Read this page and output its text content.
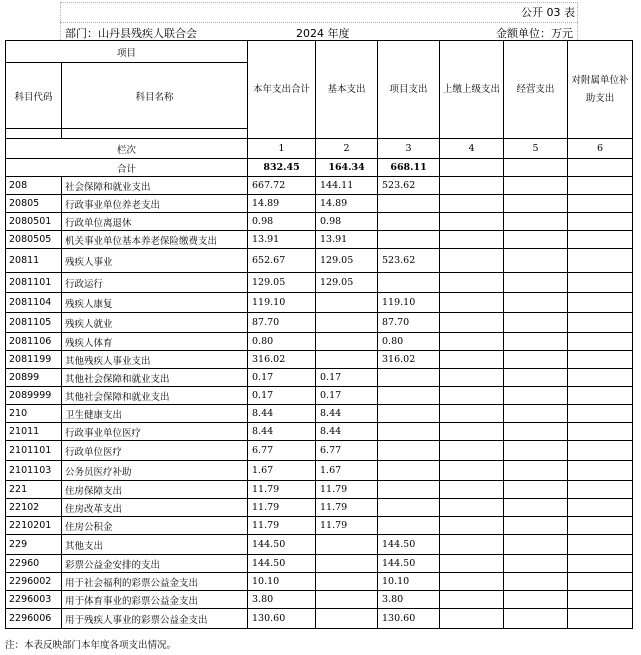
公开 03 表
部门：山丹县残疾人联合会	2024 年度	金额单位：万元
项目		本年支出合计	基本支出	项目支出	上缴上级支出	经营支出	对附属单位补助支出
科目代码	科目名称						

栏次		1	2	3	4	5	6
合计		832.45	164.34	668.11			
208	社会保障和就业支出	667.72	144.11	523.62			
20805	行政事业单位养老支出	14.89	14.89				
2080501	行政单位离退休	0.98	0.98				
2080505	机关事业单位基本养老保险缴费支出	13.91	13.91				
20811	残疾人事业	652.67	129.05	523.62			
2081101	行政运行	129.05	129.05				
2081104	残疾人康复	119.10		119.10			
2081105	残疾人就业	87.70		87.70			
2081106	残疾人体育	0.80		0.80			
2081199	其他残疾人事业支出	316.02		316.02			
20899	其他社会保障和就业支出	0.17	0.17				
2089999	其他社会保障和就业支出	0.17	0.17				
210	卫生健康支出	8.44	8.44				
21011	行政事业单位医疗	8.44	8.44				
2101101	行政单位医疗	6.77	6.77				
2101103	公务员医疗补助	1.67	1.67				
221	住房保障支出	11.79	11.79				
22102	住房改革支出	11.79	11.79				
2210201	住房公积金	11.79	11.79				
229	其他支出	144.50		144.50			
22960	彩票公益金安排的支出	144.50		144.50			
2296002	用于社会福利的彩票公益金支出	10.10		10.10			
2296003	用于体育事业的彩票公益金支出	3.80		3.80			
2296006	用于残疾人事业的彩票公益金支出	130.60		130.60			
注：本表反映部门本年度各项支出情况。
